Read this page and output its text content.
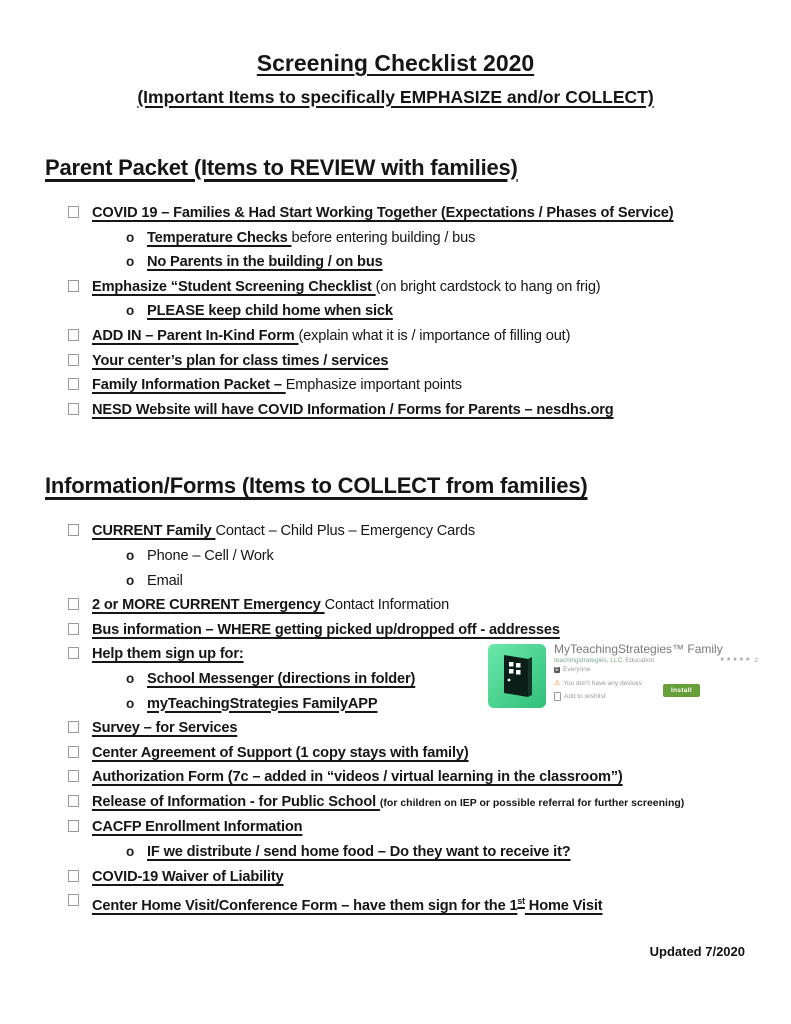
Screening Checklist 2020
(Important Items to specifically EMPHASIZE and/or COLLECT)
Parent Packet (Items to REVIEW with families)
COVID 19 – Families & Had Start Working Together (Expectations / Phases of Service)
o Temperature Checks before entering building / bus
o No Parents in the building / on bus
Emphasize “Student Screening Checklist (on bright cardstock to hang on frig)
o PLEASE keep child home when sick
ADD IN – Parent In-Kind Form (explain what it is / importance of filling out)
Your center’s plan for class times / services
Family Information Packet – Emphasize important points
NESD Website will have COVID Information / Forms for Parents – nesdhs.org
Information/Forms (Items to COLLECT from families)
CURRENT Family Contact – Child Plus – Emergency Cards
o Phone – Cell / Work
o Email
2 or MORE CURRENT Emergency Contact Information
Bus information – WHERE getting picked up/dropped off - addresses
Help them sign up for:
o School Messenger (directions in folder)
o myTeachingStrategies FamilyAPP
Survey – for Services
Center Agreement of Support (1 copy stays with family)
Authorization Form (7c – added in “videos / virtual learning in the classroom”)
Release of Information - for Public School (for children on IEP or possible referral for further screening)
CACFP Enrollment Information
o IF we distribute / send home food – Do they want to receive it?
COVID-19 Waiver of Liability
Center Home Visit/Conference Form – have them sign for the 1st Home Visit
MyTeachingStrategies™ Family
teachingstrategies, LLC Education	★★★★★ 2
E Everyone
⚠ You don't have any devices
Add to wishlist
Install
Updated 7/2020
